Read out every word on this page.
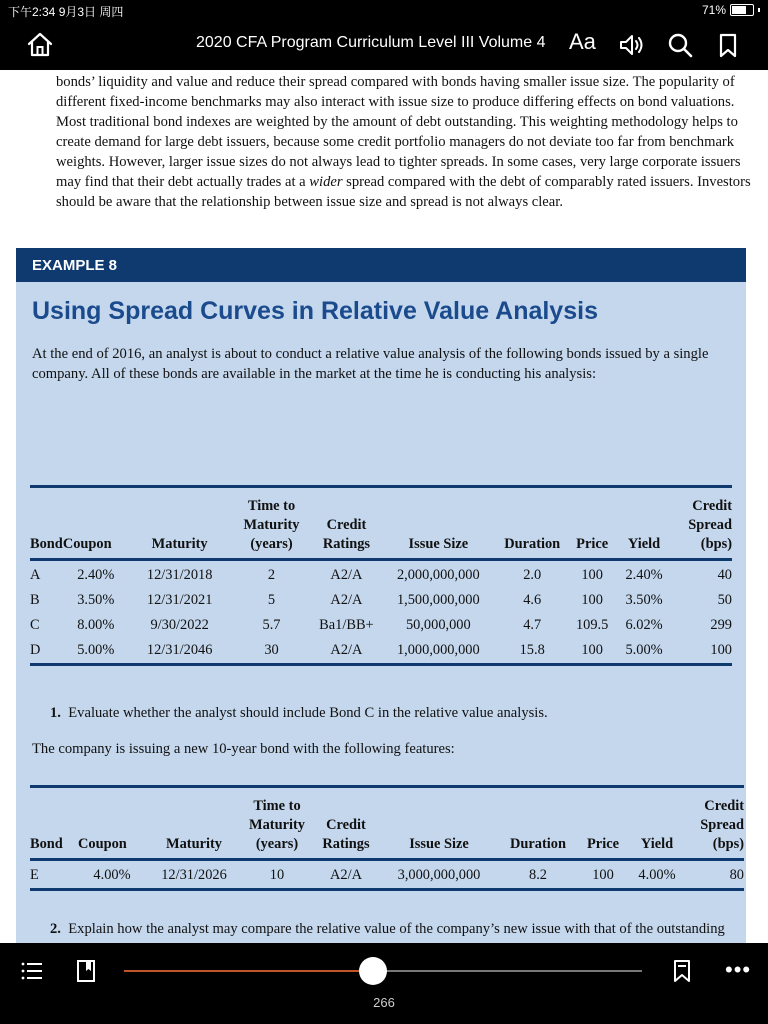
下午2:34 9月3日 周四	71%
2020 CFA Program Curriculum Level III Volume 4 Aa

bonds’ liquidity and value and reduce their spread compared with bonds having smaller issue size. The popularity of different fixed-income benchmarks may also interact with issue size to produce differing effects on bond valuations. Most traditional bond indexes are weighted by the amount of debt outstanding. This weighting methodology helps to create demand for large debt issuers, because some credit portfolio managers do not deviate too far from benchmark weights. However, larger issue sizes do not always lead to tighter spreads. In some cases, very large corporate issuers may find that their debt actually trades at a wider spread compared with the debt of comparably rated issuers. Investors should be aware that the relationship between issue size and spread is not always clear.

EXAMPLE 8
Using Spread Curves in Relative Value Analysis

At the end of 2016, an analyst is about to conduct a relative value analysis of the following bonds issued by a single company. All of these bonds are available in the market at the time he is conducting his analysis:

Bond	Coupon	Maturity	Time to Maturity (years)	Credit Ratings	Issue Size	Duration	Price	Yield	Credit Spread (bps)
A	2.40%	12/31/2018	2	A2/A	2,000,000,000	2.0	100	2.40%	40
B	3.50%	12/31/2021	5	A2/A	1,500,000,000	4.6	100	3.50%	50
C	8.00%	9/30/2022	5.7	Ba1/BB+	50,000,000	4.7	109.5	6.02%	299
D	5.00%	12/31/2046	30	A2/A	1,000,000,000	15.8	100	5.00%	100

1. Evaluate whether the analyst should include Bond C in the relative value analysis.

The company is issuing a new 10-year bond with the following features:

Bond	Coupon	Maturity	Time to Maturity (years)	Credit Ratings	Issue Size	Duration	Price	Yield	Credit Spread (bps)
E	4.00%	12/31/2026	10	A2/A	3,000,000,000	8.2	100	4.00%	80

2. Explain how the analyst may compare the relative value of the company’s new issue with that of the outstanding

266
•••
